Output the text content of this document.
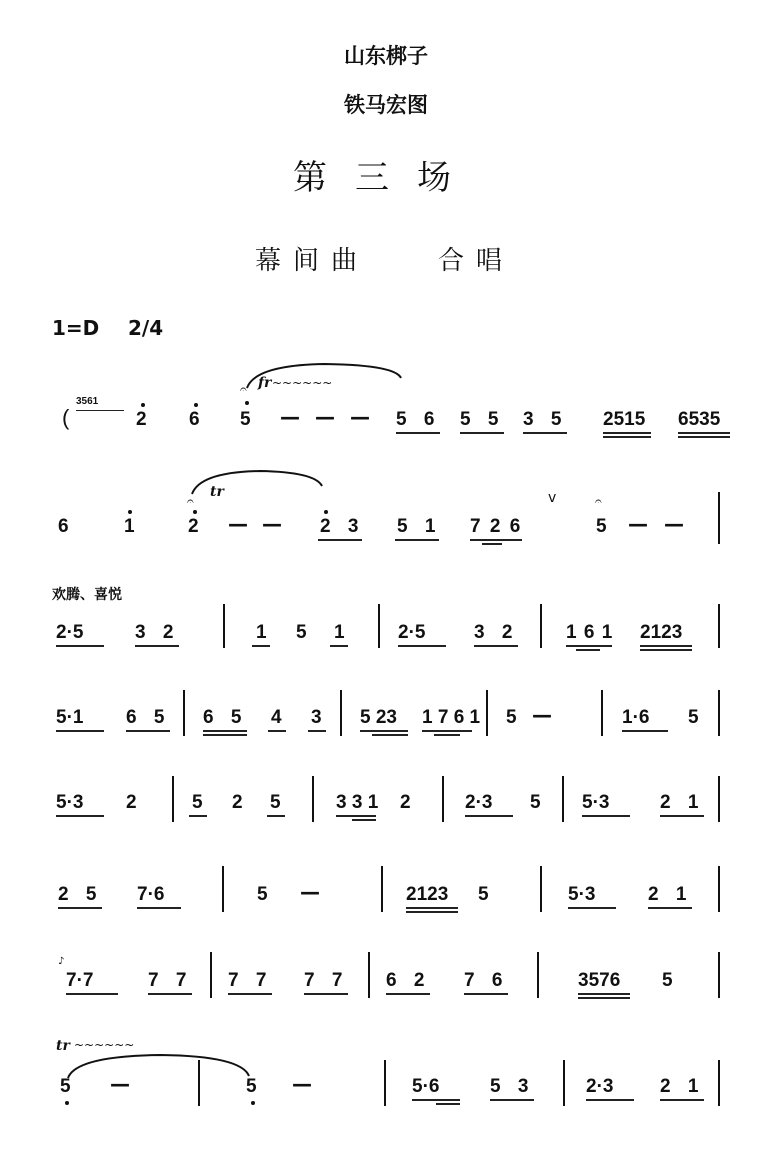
山东梆子
铁马宏图
第三场
幕间曲	合唱
1=D 2/4
(
3561
2 6 5
𝄐 fr ~~~~~~
— — — 5 6 5 5 3 5 2515 6535
6	1	2
𝄐
tr
— — 2 3 5 1 7 2 6
v
5
𝄐
— —
欢腾、喜悦
2·5	3 2	1 5 1	2·5	3 2	1 6 1 2123
5·1 6 5 6 5 4 3 5 23 1 7 6 1 5 —	1·6 5
5·3 2	5 2 5	3 3 1 2	2·3 5 5·3	2 1
2 5 7·6	5 —	2123 5	5·3	2 1
♪
7·7	7 7 7 7 7 7 6 2 7 6	3576 5
tr ~~~~~~
5 —	5 —	5·6	5 3	2·3 2 1
